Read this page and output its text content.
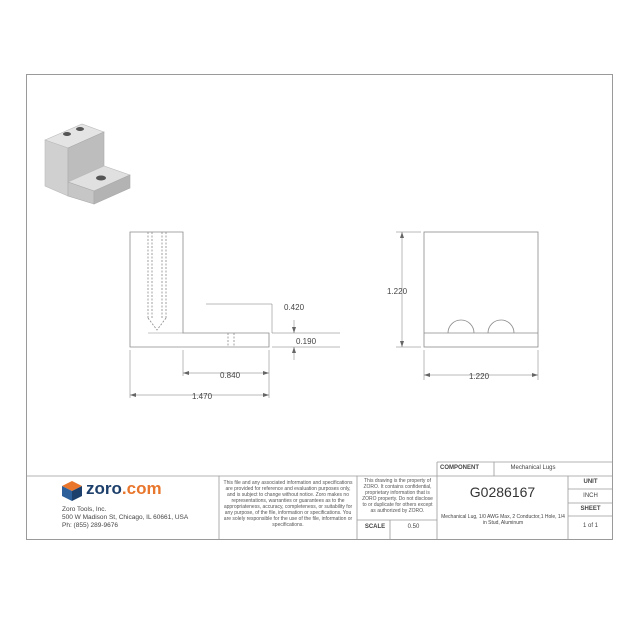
0.420
0.190
0.840
1.470
1.220
1.220
zoro.com
Zoro Tools, Inc.
500 W Madison St, Chicago, IL 60661, USA
Ph: (855) 289-9676
This file and any associated information and specifications are provided for reference and evaluation purposes only, and is subject to change without notice. Zoro makes no representations, warranties or guarantees as to the appropriateness, accuracy, completeness, or suitability for any purpose, of the file, information or specifications. You are solely responsible for the use of the file, information or specifications.
This drawing is the property of ZORO. It contains confidential, proprietary information that is ZORO property. Do not disclose to or duplicate for others except as authorized by ZORO.
COMPONENT	Mechanical Lugs
G0286167
Mechanical Lug, 1/0 AWG Max, 2 Conductor,1 Hole, 1/4 in Stud, Aluminum
UNIT
INCH
SHEET
1 of 1
SCALE	0.50
